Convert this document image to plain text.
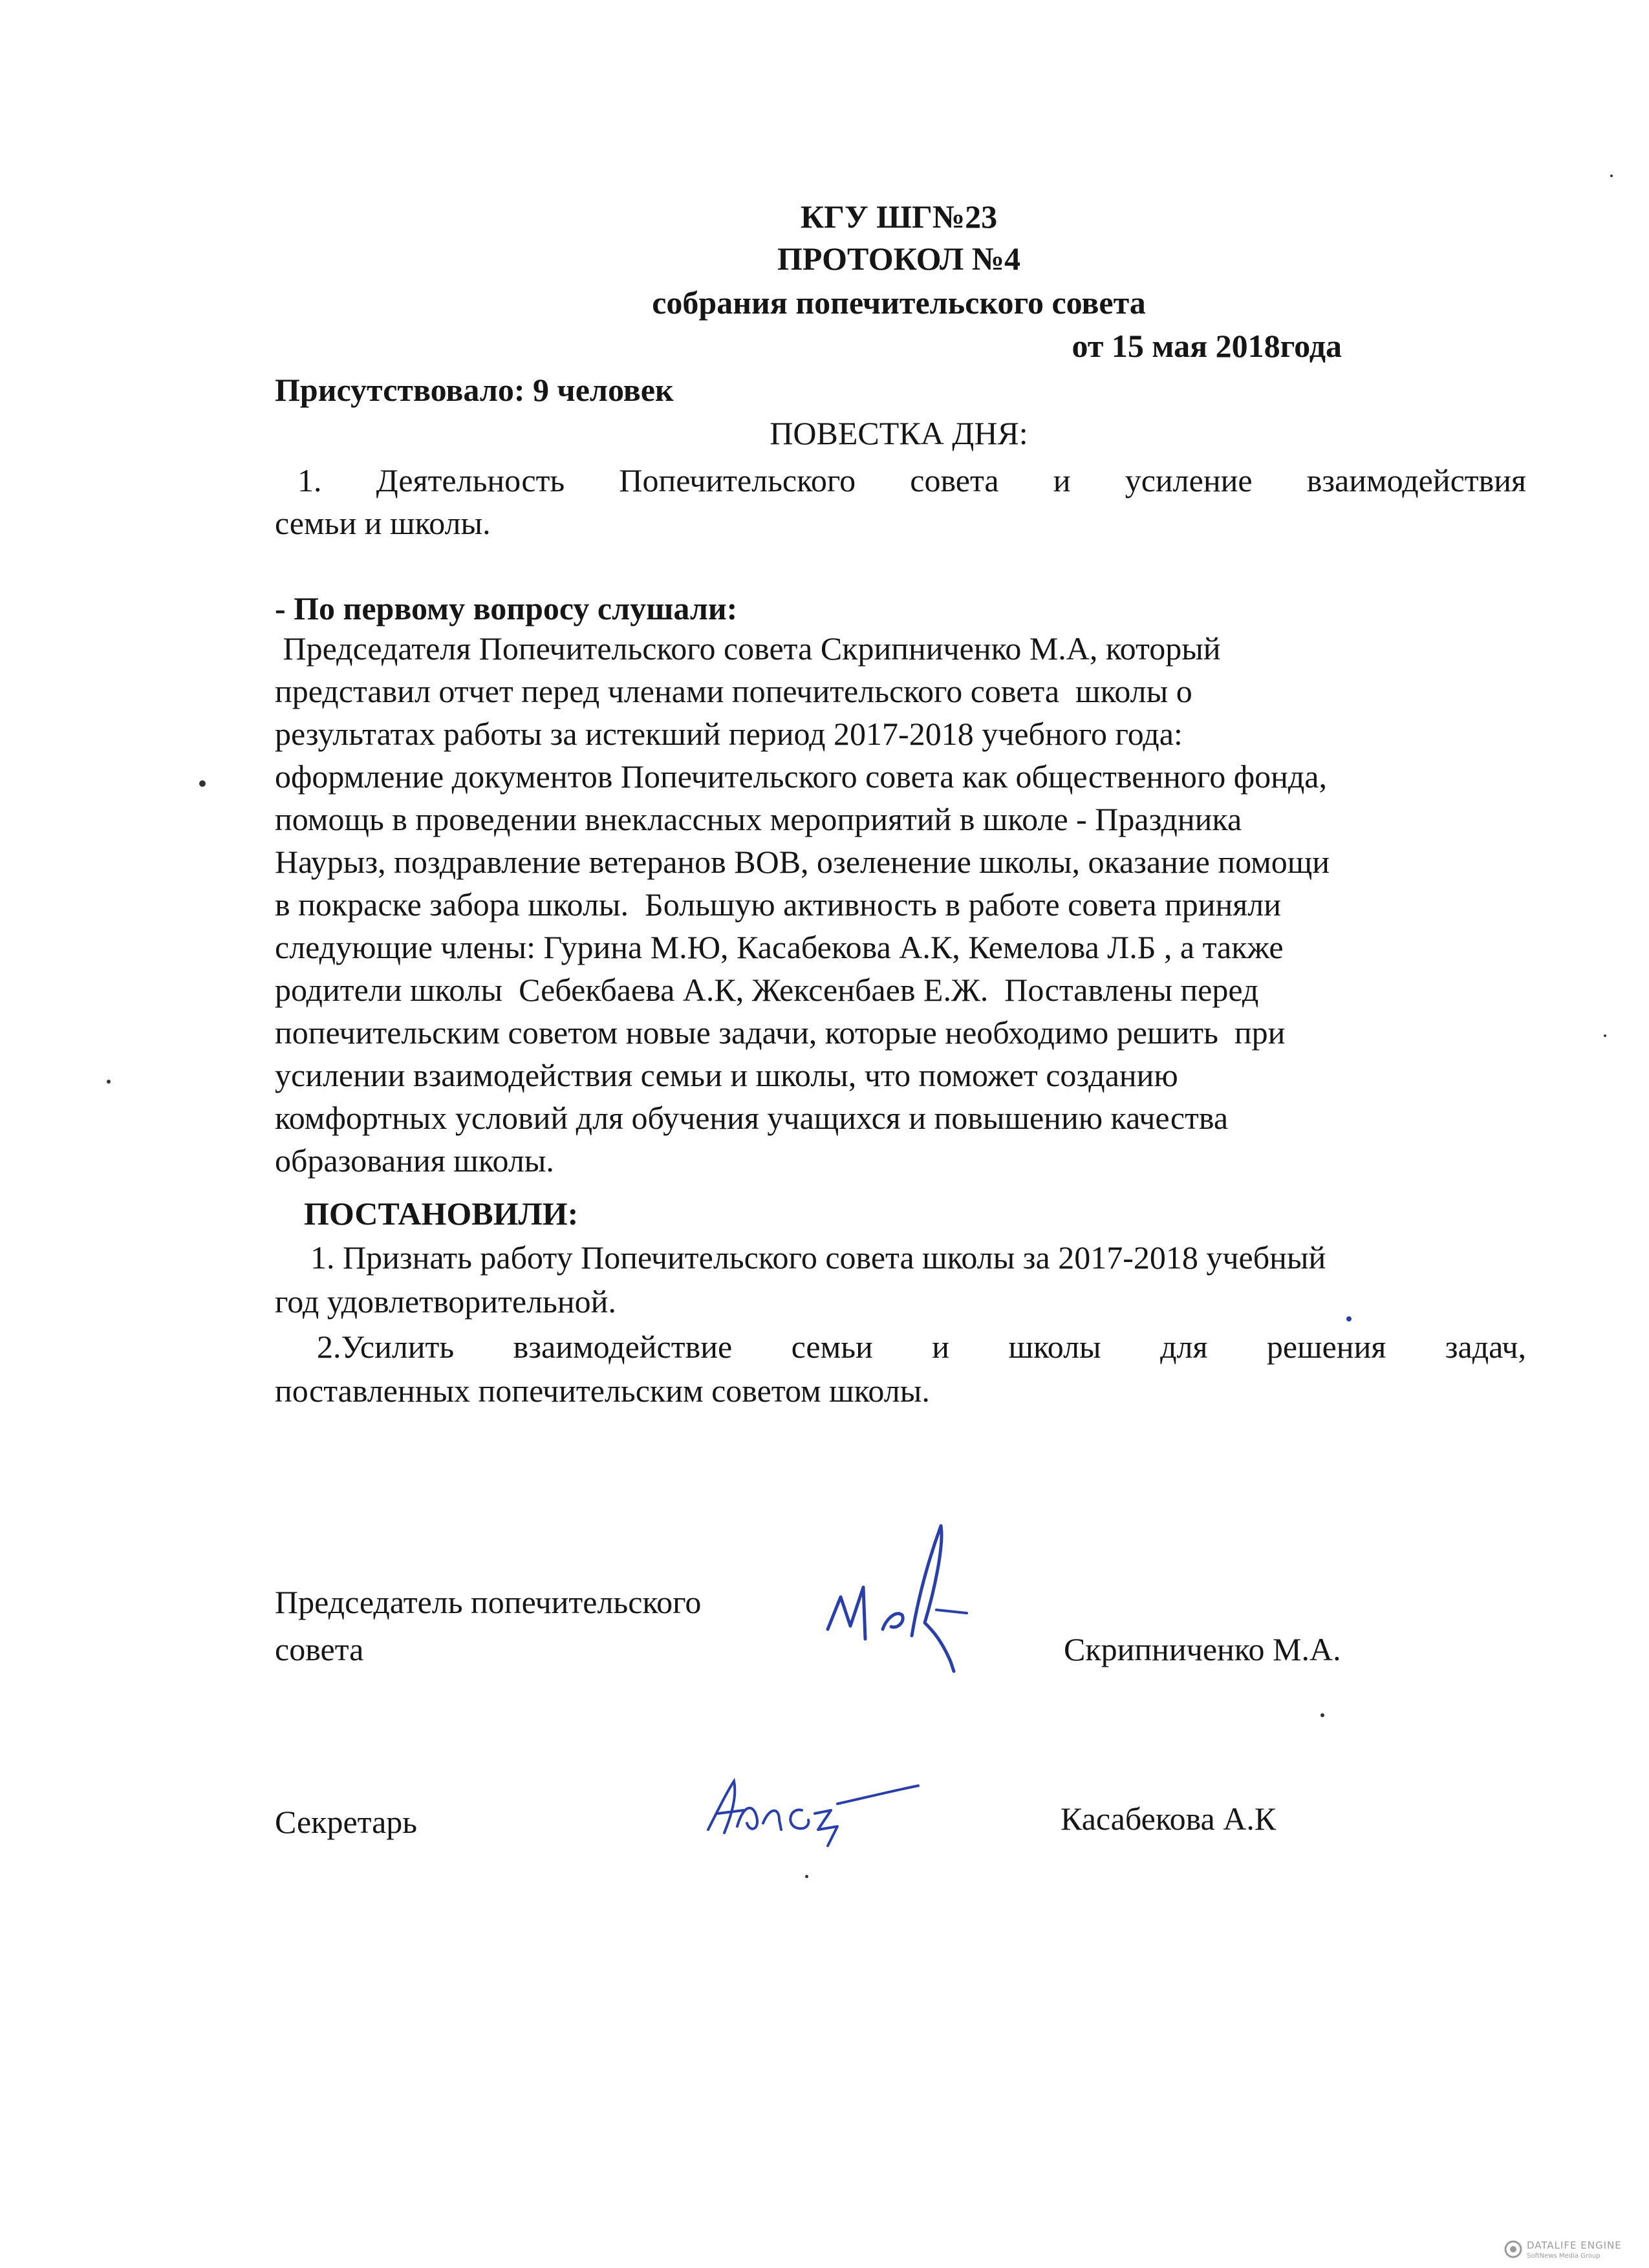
КГУ ШГ№23
ПРОТОКОЛ №4
собрания попечительского совета
от 15 мая 2018года
Присутствовало: 9 человек
ПОВЕСТКА ДНЯ:
1. Деятельность Попечительского совета и усиление взаимодействия
семьи и школы.
- По первому вопросу слушали:
Председателя Попечительского совета Скрипниченко М.А, который
представил отчет перед членами попечительского совета  школы о
результатах работы за истекший период 2017-2018 учебного года:
оформление документов Попечительского совета как общественного фонда,
помощь в проведении внеклассных мероприятий в школе - Праздника
Наурыз, поздравление ветеранов ВОВ, озеленение школы, оказание помощи
в покраске забора школы.  Большую активность в работе совета приняли
следующие члены: Гурина М.Ю, Касабекова А.К, Кемелова Л.Б , а также
родители школы  Себекбаева А.К, Жексенбаев Е.Ж.  Поставлены перед
попечительским советом новые задачи, которые необходимо решить  при
усилении взаимодействия семьи и школы, что поможет созданию
комфортных условий для обучения учащихся и повышению качества
образования школы.
ПОСТАНОВИЛИ:
1. Признать работу Попечительского совета школы за 2017-2018 учебный
год удовлетворительной.
2.Усилить взаимодействие семьи и школы для решения задач,
поставленных попечительским советом школы.
Председатель попечительского
совета	Скрипниченко М.А.
Секретарь	Касабекова А.К
DATALIFE ENGINE
SoftNews Media Group
